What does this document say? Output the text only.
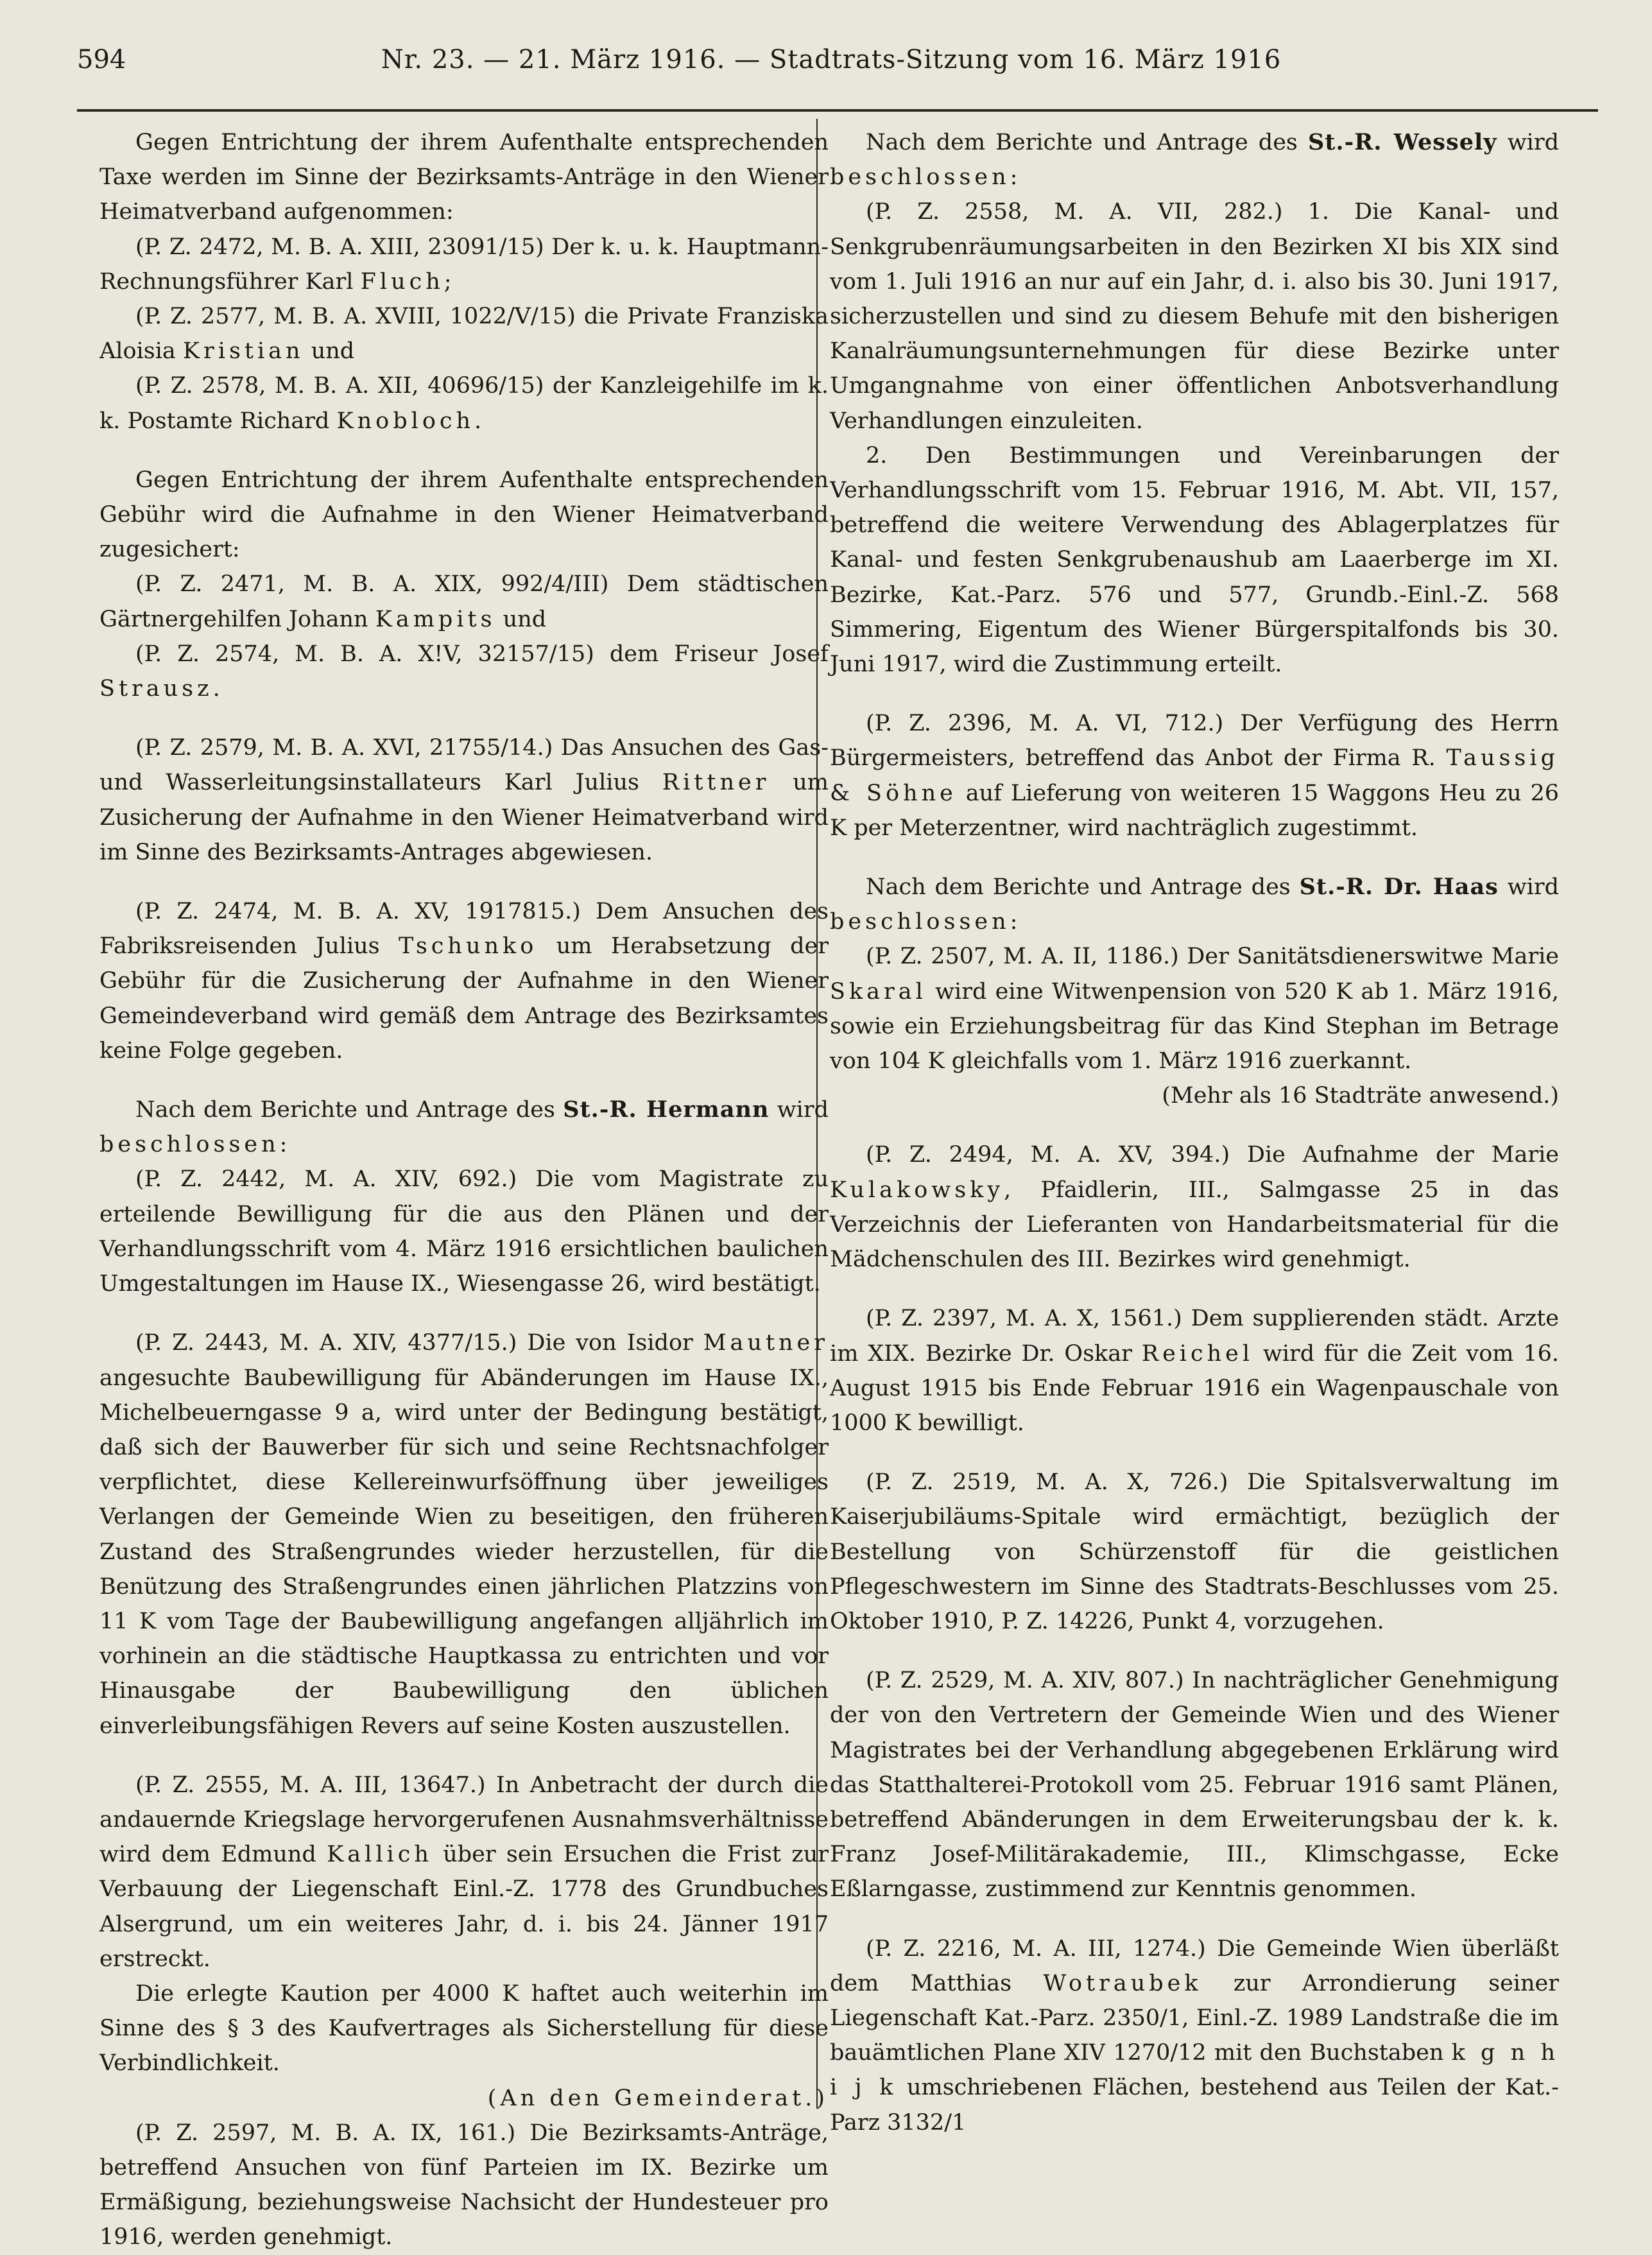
594	Nr. 23. — 21. März 1916. — Stadtrats-Sitzung vom 16. März 1916

Gegen Entrichtung der ihrem Aufenthalte entsprechenden Taxe werden im Sinne der Bezirksamts-Anträge in den Wiener Heimatverband aufgenommen:

(P. Z. 2472, M. B. A. XIII, 23091/15) Der k. u. k. Hauptmann-Rechnungsführer Karl Fluch;

(P. Z. 2577, M. B. A. XVIII, 1022/V/15) die Private Franziska Aloisia Kristian und

(P. Z. 2578, M. B. A. XII, 40696/15) der Kanzleigehilfe im k. k. Postamte Richard Knobloch.

Gegen Entrichtung der ihrem Aufenthalte entsprechenden Gebühr wird die Aufnahme in den Wiener Heimatverband zugesichert:

(P. Z. 2471, M. B. A. XIX, 992/4/III) Dem städtischen Gärtnergehilfen Johann Kampits und

(P. Z. 2574, M. B. A. X!V, 32157/15) dem Friseur Josef Strausz.

(P. Z. 2579, M. B. A. XVI, 21755/14.) Das Ansuchen des Gas- und Wasserleitungsinstallateurs Karl Julius Rittner um Zusicherung der Aufnahme in den Wiener Heimatverband wird im Sinne des Bezirksamts-Antrages abgewiesen.

(P. Z. 2474, M. B. A. XV, 1917815.) Dem Ansuchen des Fabriksreisenden Julius Tschunko um Herabsetzung der Gebühr für die Zusicherung der Aufnahme in den Wiener Gemeindeverband wird gemäß dem Antrage des Bezirksamtes keine Folge gegeben.

Nach dem Berichte und Antrage des St.-R. Hermann wird beschlossen:

(P. Z. 2442, M. A. XIV, 692.) Die vom Magistrate zu erteilende Bewilligung für die aus den Plänen und der Verhandlungsschrift vom 4. März 1916 ersichtlichen baulichen Umgestaltungen im Hause IX., Wiesengasse 26, wird bestätigt.

(P. Z. 2443, M. A. XIV, 4377/15.) Die von Isidor Mautner angesuchte Baubewilligung für Abänderungen im Hause IX., Michelbeuerngasse 9 a, wird unter der Bedingung bestätigt, daß sich der Bauwerber für sich und seine Rechtsnachfolger verpflichtet, diese Kellereinwurfsöffnung über jeweiliges Verlangen der Gemeinde Wien zu beseitigen, den früheren Zustand des Straßengrundes wieder herzustellen, für die Benützung des Straßengrundes einen jährlichen Platzzins von 11 K vom Tage der Baubewilligung angefangen alljährlich im vorhinein an die städtische Hauptkassa zu entrichten und vor Hinausgabe der Baubewilligung den üblichen einverleibungsfähigen Revers auf seine Kosten auszustellen.

(P. Z. 2555, M. A. III, 13647.) In Anbetracht der durch die andauernde Kriegslage hervorgerufenen Ausnahmsverhältnisse wird dem Edmund Kallich über sein Ersuchen die Frist zur Verbauung der Liegenschaft Einl.-Z. 1778 des Grundbuches Alsergrund, um ein weiteres Jahr, d. i. bis 24. Jänner 1917 erstreckt.

Die erlegte Kaution per 4000 K haftet auch weiterhin im Sinne des § 3 des Kaufvertrages als Sicherstellung für diese Verbindlichkeit.

(An den Gemeinderat.)

(P. Z. 2597, M. B. A. IX, 161.) Die Bezirksamts-Anträge, betreffend Ansuchen von fünf Parteien im IX. Bezirke um Ermäßigung, beziehungsweise Nachsicht der Hundesteuer pro 1916, werden genehmigt.

Nach dem Berichte und Antrage des St.-R. Wessely wird beschlossen:

(P. Z. 2558, M. A. VII, 282.) 1. Die Kanal- und Senkgrubenräumungsarbeiten in den Bezirken XI bis XIX sind vom 1. Juli 1916 an nur auf ein Jahr, d. i. also bis 30. Juni 1917, sicherzustellen und sind zu diesem Behufe mit den bisherigen Kanalräumungsunternehmungen für diese Bezirke unter Umgangnahme von einer öffentlichen Anbotsverhandlung Verhandlungen einzuleiten.

2. Den Bestimmungen und Vereinbarungen der Verhandlungsschrift vom 15. Februar 1916, M. Abt. VII, 157, betreffend die weitere Verwendung des Ablagerplatzes für Kanal- und festen Senkgrubenaushub am Laaerberge im XI. Bezirke, Kat.-Parz. 576 und 577, Grundb.-Einl.-Z. 568 Simmering, Eigentum des Wiener Bürgerspitalfonds bis 30. Juni 1917, wird die Zustimmung erteilt.

(P. Z. 2396, M. A. VI, 712.) Der Verfügung des Herrn Bürgermeisters, betreffend das Anbot der Firma R. Taussig & Söhne auf Lieferung von weiteren 15 Waggons Heu zu 26 K per Meterzentner, wird nachträglich zugestimmt.

Nach dem Berichte und Antrage des St.-R. Dr. Haas wird beschlossen:

(P. Z. 2507, M. A. II, 1186.) Der Sanitätsdienerswitwe Marie Skaral wird eine Witwenpension von 520 K ab 1. März 1916, sowie ein Erziehungsbeitrag für das Kind Stephan im Betrage von 104 K gleichfalls vom 1. März 1916 zuerkannt.

(Mehr als 16 Stadträte anwesend.)

(P. Z. 2494, M. A. XV, 394.) Die Aufnahme der Marie Kulakowsky, Pfaidlerin, III., Salmgasse 25 in das Verzeichnis der Lieferanten von Handarbeitsmaterial für die Mädchenschulen des III. Bezirkes wird genehmigt.

(P. Z. 2397, M. A. X, 1561.) Dem supplierenden städt. Arzte im XIX. Bezirke Dr. Oskar Reichel wird für die Zeit vom 16. August 1915 bis Ende Februar 1916 ein Wagenpauschale von 1000 K bewilligt.

(P. Z. 2519, M. A. X, 726.) Die Spitalsverwaltung im Kaiserjubiläums-Spitale wird ermächtigt, bezüglich der Bestellung von Schürzenstoff für die geistlichen Pflegeschwestern im Sinne des Stadtrats-Beschlusses vom 25. Oktober 1910, P. Z. 14226, Punkt 4, vorzugehen.

(P. Z. 2529, M. A. XIV, 807.) In nachträglicher Genehmigung der von den Vertretern der Gemeinde Wien und des Wiener Magistrates bei der Verhandlung abgegebenen Erklärung wird das Statthalterei-Protokoll vom 25. Februar 1916 samt Plänen, betreffend Abänderungen in dem Erweiterungsbau der k. k. Franz Josef-Militärakademie, III., Klimschgasse, Ecke Eßlarngasse, zustimmend zur Kenntnis genommen.

(P. Z. 2216, M. A. III, 1274.) Die Gemeinde Wien überläßt dem Matthias Wotraubek zur Arrondierung seiner Liegenschaft Kat.-Parz. 2350/1, Einl.-Z. 1989 Landstraße die im bauämtlichen Plane XIV 1270/12 mit den Buchstaben k g n h i j k umschriebenen Flächen, bestehend aus Teilen der Kat.-Parz 3132/1
